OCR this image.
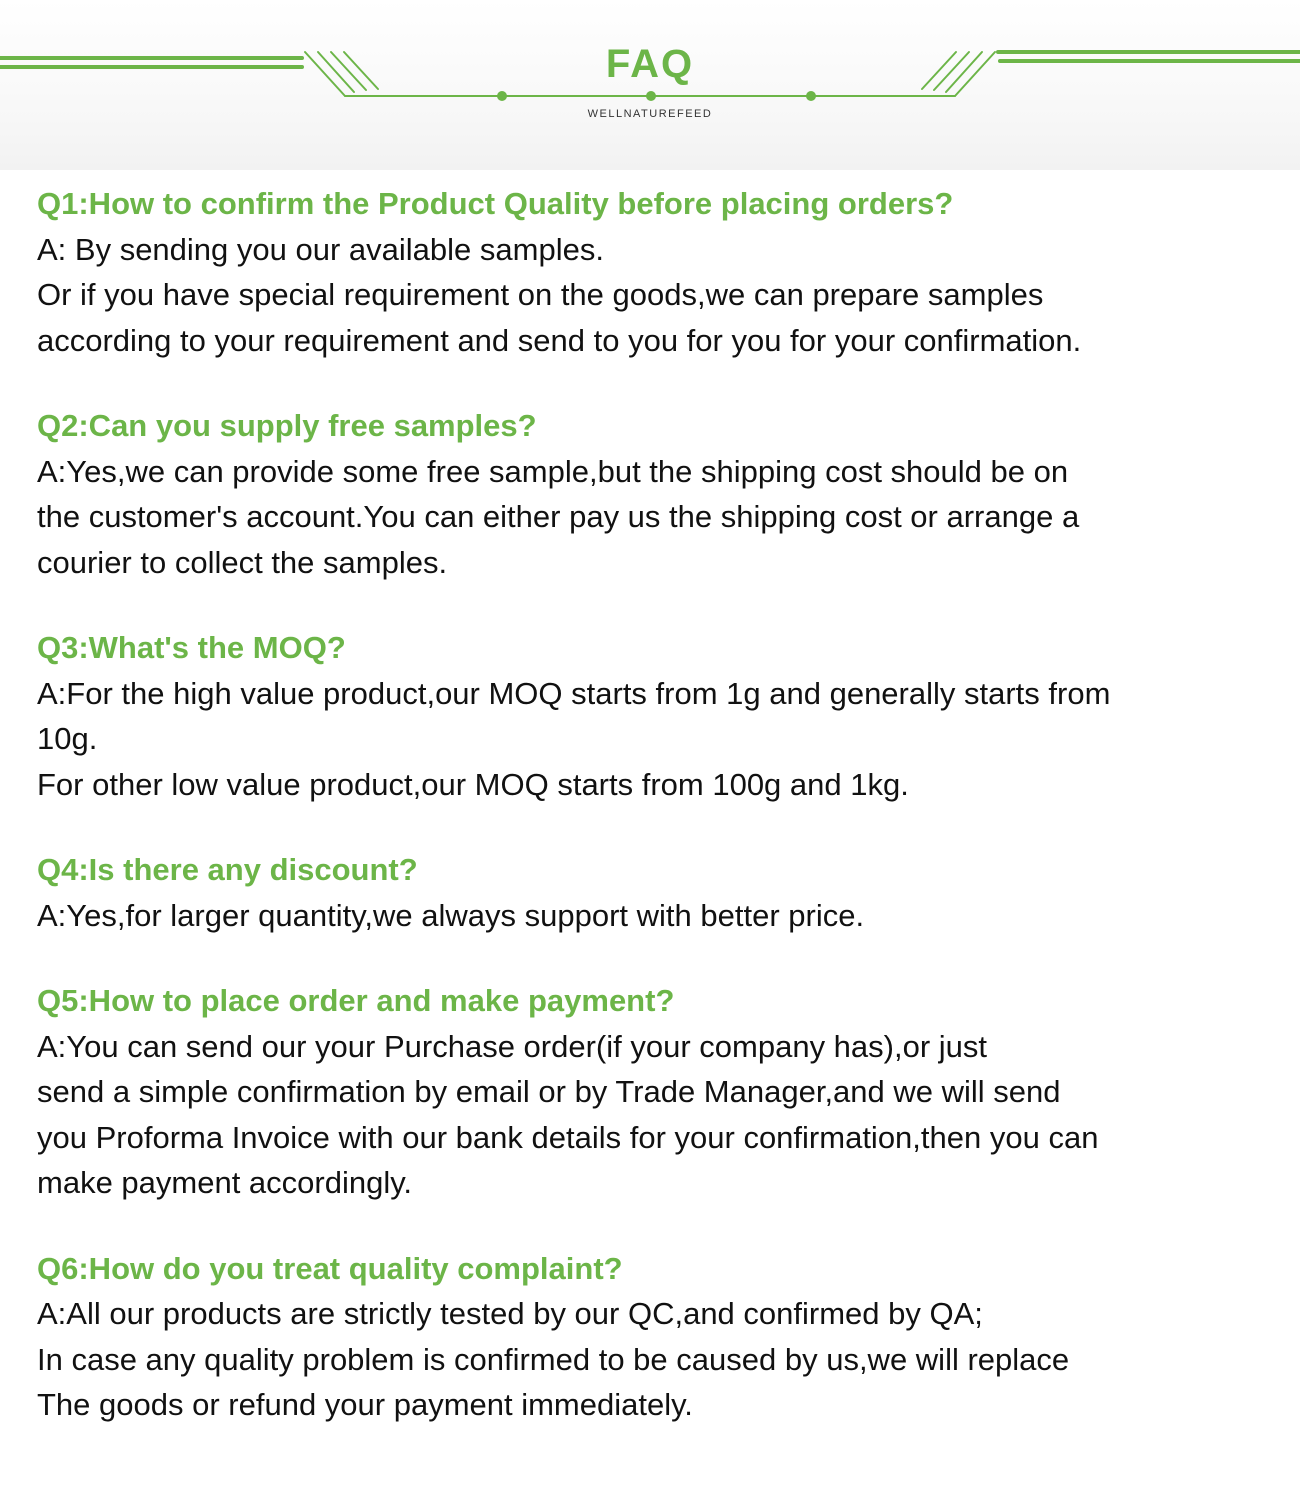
FAQ
WELLNATUREFEED
Q1:How to confirm the Product Quality before placing orders?
A: By sending you our available samples.
Or if you have special requirement on the goods,we can prepare samples
according to your requirement and send to you for you for your confirmation.
Q2:Can you supply free samples?
A:Yes,we can provide some free sample,but the shipping cost should be on
the customer's account.You can either pay us the shipping cost or arrange a
courier to collect the samples.
Q3:What's the MOQ?
A:For the high value product,our MOQ starts from 1g and generally starts from
10g.
For other low value product,our MOQ starts from 100g and 1kg.
Q4:Is there any discount?
A:Yes,for larger quantity,we always support with better price.
Q5:How to place order and make payment?
A:You can send our your Purchase order(if your company has),or just
send a simple confirmation by email or by Trade Manager,and we will send
you Proforma Invoice with our bank details for your confirmation,then you can
make payment accordingly.
Q6:How do you treat quality complaint?
A:All our products are strictly tested by our QC,and confirmed by QA;
In case any quality problem is confirmed to be caused by us,we will replace
The goods or refund your payment immediately.
